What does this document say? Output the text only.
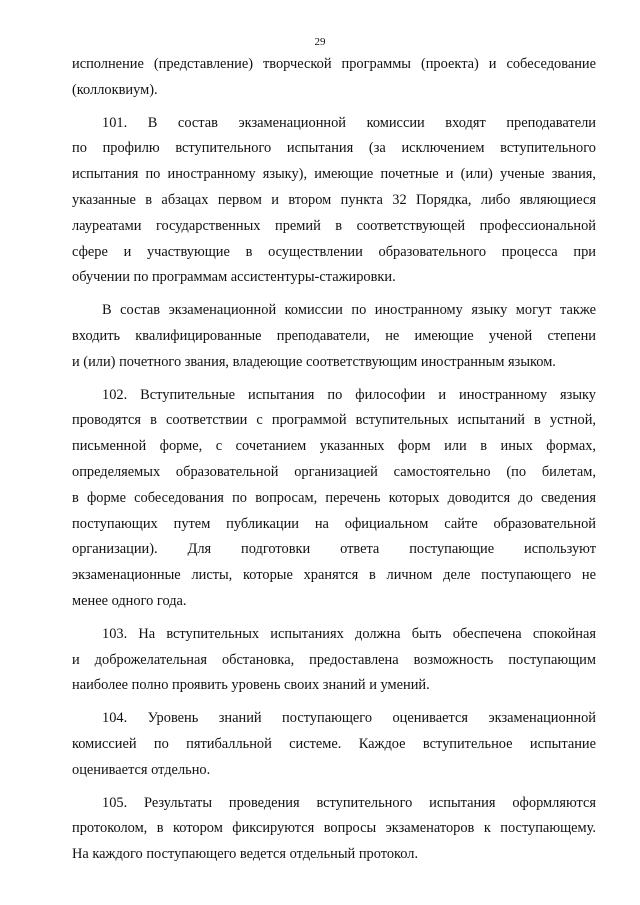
29

исполнение (представление) творческой программы (проекта) и собеседование
(коллоквиум).

101. В состав экзаменационной комиссии входят преподаватели
по профилю вступительного испытания (за исключением вступительного
испытания по иностранному языку), имеющие почетные и (или) ученые звания,
указанные в абзацах первом и втором пункта 32 Порядка, либо являющиеся
лауреатами государственных премий в соответствующей профессиональной
сфере и участвующие в осуществлении образовательного процесса при
обучении по программам ассистентуры-стажировки.

В состав экзаменационной комиссии по иностранному языку могут также
входить квалифицированные преподаватели, не имеющие ученой степени
и (или) почетного звания, владеющие соответствующим иностранным языком.

102. Вступительные испытания по философии и иностранному языку
проводятся в соответствии с программой вступительных испытаний в устной,
письменной форме, с сочетанием указанных форм или в иных формах,
определяемых образовательной организацией самостоятельно (по билетам,
в форме собеседования по вопросам, перечень которых доводится до сведения
поступающих путем публикации на официальном сайте образовательной
организации). Для подготовки ответа поступающие используют
экзаменационные листы, которые хранятся в личном деле поступающего не
менее одного года.

103. На вступительных испытаниях должна быть обеспечена спокойная
и доброжелательная обстановка, предоставлена возможность поступающим
наиболее полно проявить уровень своих знаний и умений.

104. Уровень знаний поступающего оценивается экзаменационной
комиссией по пятибалльной системе. Каждое вступительное испытание
оценивается отдельно.

105. Результаты проведения вступительного испытания оформляются
протоколом, в котором фиксируются вопросы экзаменаторов к поступающему.
На каждого поступающего ведется отдельный протокол.
